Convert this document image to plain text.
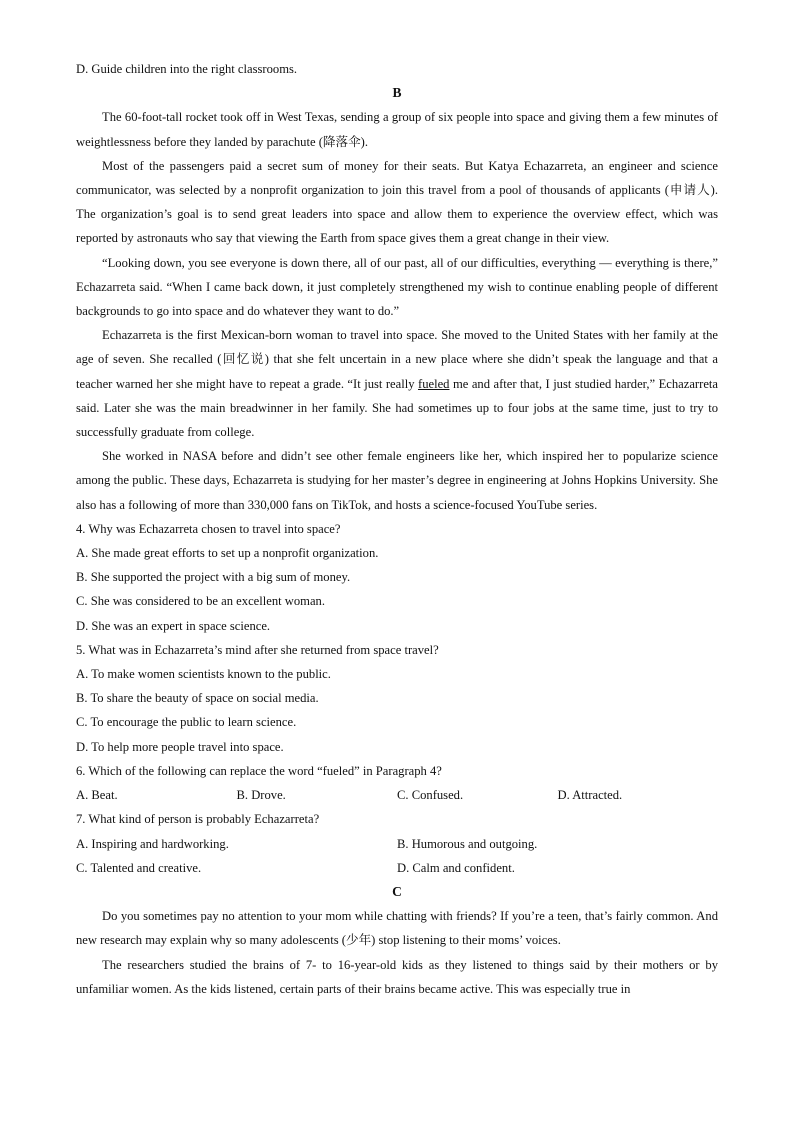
D. Guide children into the right classrooms.
B
The 60-foot-tall rocket took off in West Texas, sending a group of six people into space and giving them a few minutes of weightlessness before they landed by parachute (降落伞).
Most of the passengers paid a secret sum of money for their seats. But Katya Echazarreta, an engineer and science communicator, was selected by a nonprofit organization to join this travel from a pool of thousands of applicants (申请人). The organization’s goal is to send great leaders into space and allow them to experience the overview effect, which was reported by astronauts who say that viewing the Earth from space gives them a great change in their view.
“Looking down, you see everyone is down there, all of our past, all of our difficulties, everything — everything is there,” Echazarreta said. “When I came back down, it just completely strengthened my wish to continue enabling people of different backgrounds to go into space and do whatever they want to do.”
Echazarreta is the first Mexican-born woman to travel into space. She moved to the United States with her family at the age of seven. She recalled (回忆说) that she felt uncertain in a new place where she didn’t speak the language and that a teacher warned her she might have to repeat a grade. “It just really fueled me and after that, I just studied harder,” Echazarreta said. Later she was the main breadwinner in her family. She had sometimes up to four jobs at the same time, just to try to successfully graduate from college.
She worked in NASA before and didn’t see other female engineers like her, which inspired her to popularize science among the public. These days, Echazarreta is studying for her master’s degree in engineering at Johns Hopkins University. She also has a following of more than 330,000 fans on TikTok, and hosts a science-focused YouTube series.
4. Why was Echazarreta chosen to travel into space?
A. She made great efforts to set up a nonprofit organization.
B. She supported the project with a big sum of money.
C. She was considered to be an excellent woman.
D. She was an expert in space science.
5. What was in Echazarreta’s mind after she returned from space travel?
A. To make women scientists known to the public.
B. To share the beauty of space on social media.
C. To encourage the public to learn science.
D. To help more people travel into space.
6. Which of the following can replace the word “fueled” in Paragraph 4?
A. Beat.	B. Drove.	C. Confused.	D. Attracted.
7. What kind of person is probably Echazarreta?
A. Inspiring and hardworking.	B. Humorous and outgoing.
C. Talented and creative.	D. Calm and confident.
C
Do you sometimes pay no attention to your mom while chatting with friends? If you’re a teen, that’s fairly common. And new research may explain why so many adolescents (少年) stop listening to their moms’ voices.
The researchers studied the brains of 7- to 16-year-old kids as they listened to things said by their mothers or by unfamiliar women. As the kids listened, certain parts of their brains became active. This was especially true in
